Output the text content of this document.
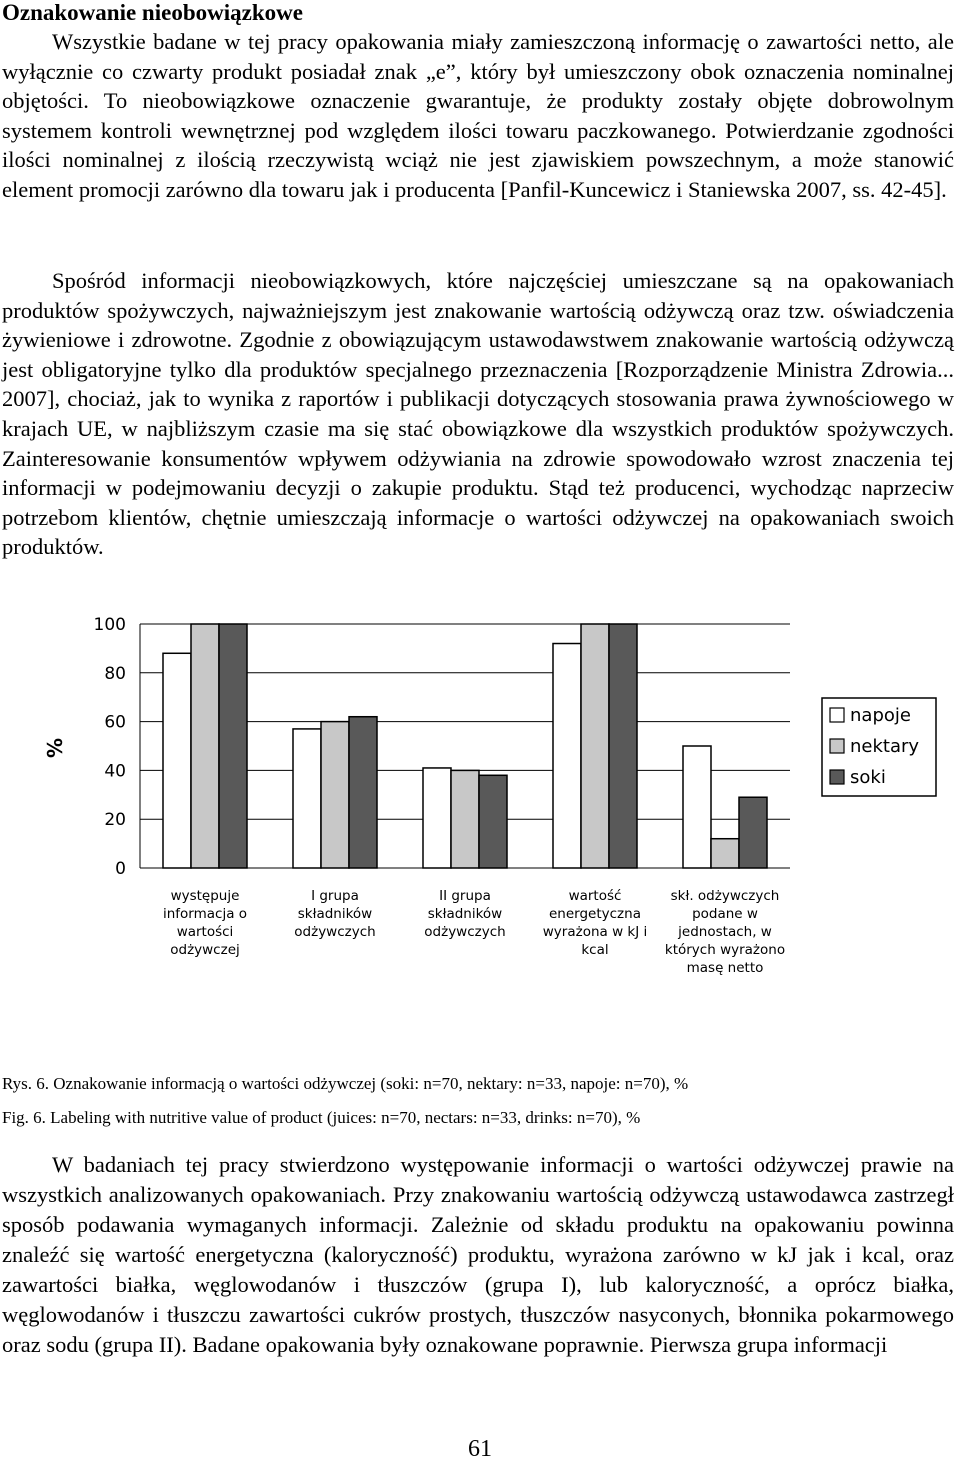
Oznakowanie nieobowiązkowe

Wszystkie badane w tej pracy opakowania miały zamieszczoną informację o zawartości netto, ale wyłącznie co czwarty produkt posiadał znak „e”, który był umieszczony obok oznaczenia nominalnej objętości. To nieobowiązkowe oznaczenie gwarantuje, że produkty zostały objęte dobrowolnym systemem kontroli wewnętrznej pod względem ilości towaru paczkowanego. Potwierdzanie zgodności ilości nominalnej z ilością rzeczywistą wciąż nie jest zjawiskiem powszechnym, a może stanowić element promocji zarówno dla towaru jak i producenta [Panfil-Kuncewicz i Staniewska 2007, ss. 42-45].

Spośród informacji nieobowiązkowych, które najczęściej umieszczane są na opakowaniach produktów spożywczych, najważniejszym jest znakowanie wartością odżywczą oraz tzw. oświadczenia żywieniowe i zdrowotne. Zgodnie z obowiązującym ustawodawstwem znakowanie wartością odżywczą jest obligatoryjne tylko dla produktów specjalnego przeznaczenia [Rozporządzenie Ministra Zdrowia... 2007], chociaż, jak to wynika z raportów i publikacji dotyczących stosowania prawa żywnościowego w krajach UE, w najbliższym czasie ma się stać obowiązkowe dla wszystkich produktów spożywczych. Zainteresowanie konsumentów wpływem odżywiania na zdrowie spowodowało wzrost znaczenia tej informacji w podejmowaniu decyzji o zakupie produktu. Stąd też producenci, wychodząc naprzeciw potrzebom klientów, chętnie umieszczają informacje o wartości odżywczej na opakowaniach swoich produktów.

0
20
40
60
80
100
%
występuje
informacja o
wartości
odżywczej
I grupa
składników
odżywczych
II grupa
składników
odżywczych
wartość
energetyczna
wyrażona w kJ i
kcal
skł. odżywczych
podane w
jednostach, w
których wyrażono
masę netto
napoje
nektary
soki
Rys. 6. Oznakowanie informacją o wartości odżywczej (soki: n=70, nektary: n=33, napoje: n=70), %
Fig. 6. Labeling with nutritive value of product (juices: n=70, nectars: n=33, drinks: n=70), %

W badaniach tej pracy stwierdzono występowanie informacji o wartości odżywczej prawie na wszystkich analizowanych opakowaniach. Przy znakowaniu wartością odżywczą ustawodawca zastrzegł sposób podawania wymaganych informacji. Zależnie od składu produktu na opakowaniu powinna znaleźć się wartość energetyczna (kaloryczność) produktu, wyrażona zarówno w kJ jak i kcal, oraz zawartości białka, węglowodanów i tłuszczów (grupa I), lub kaloryczność, a oprócz białka, węglowodanów i tłuszczu zawartości cukrów prostych, tłuszczów nasyconych, błonnika pokarmowego oraz sodu (grupa II). Badane opakowania były oznakowane poprawnie. Pierwsza grupa informacji

61
